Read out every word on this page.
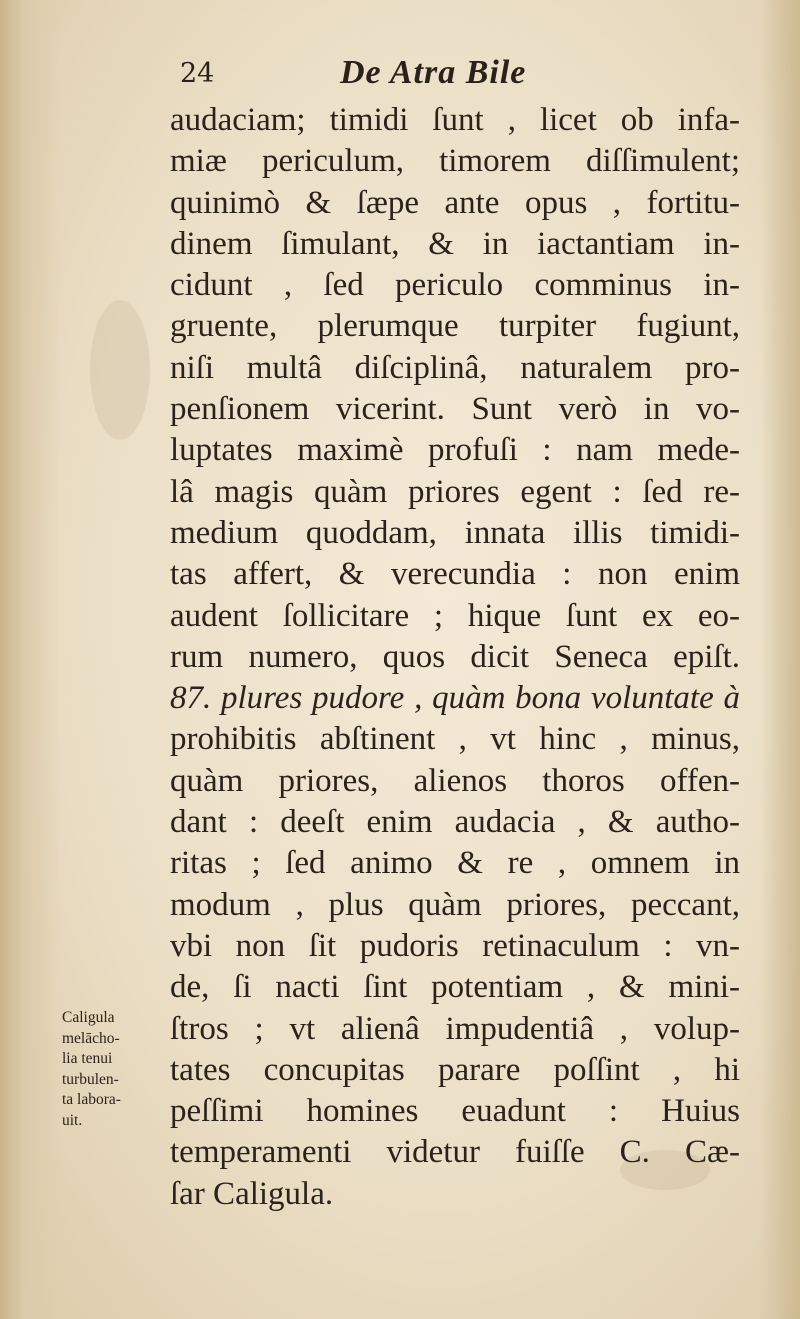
24	De Atra Bile
audaciam; timidi ſunt , licet ob infa-
miæ periculum, timorem diſſimulent;
quinimò & ſæpe ante opus , fortitu-
dinem ſimulant, & in iactantiam in-
cidunt , ſed periculo comminus in-
gruente, plerumque turpiter fugiunt,
niſi multâ diſciplinâ, naturalem pro-
penſionem vicerint. Sunt verò in vo-
luptates maximè profuſi : nam mede-
lâ magis quàm priores egent : ſed re-
medium quoddam, innata illis timidi-
tas affert, & verecundia : non enim
audent ſollicitare ; hique ſunt ex eo-
rum numero, quos dicit Seneca epiſt.
87. plures pudore , quàm bona voluntate à
prohibitis abſtinent , vt hinc , minus,
quàm priores, alienos thoros offen-
dant : deeſt enim audacia , & autho-
ritas ; ſed animo & re , omnem in
modum , plus quàm priores, peccant,
vbi non ſit pudoris retinaculum : vn-
de, ſi nacti ſint potentiam , & mini-
ſtros ; vt alienâ impudentiâ , volup-
tates concupitas parare poſſint , hi
peſſimi homines euadunt : Huius
temperamenti videtur fuiſſe C. Cæ-
ſar Caligula.
Caligula
melācho-
lia tenui
turbulen-
ta labora-
uit.
